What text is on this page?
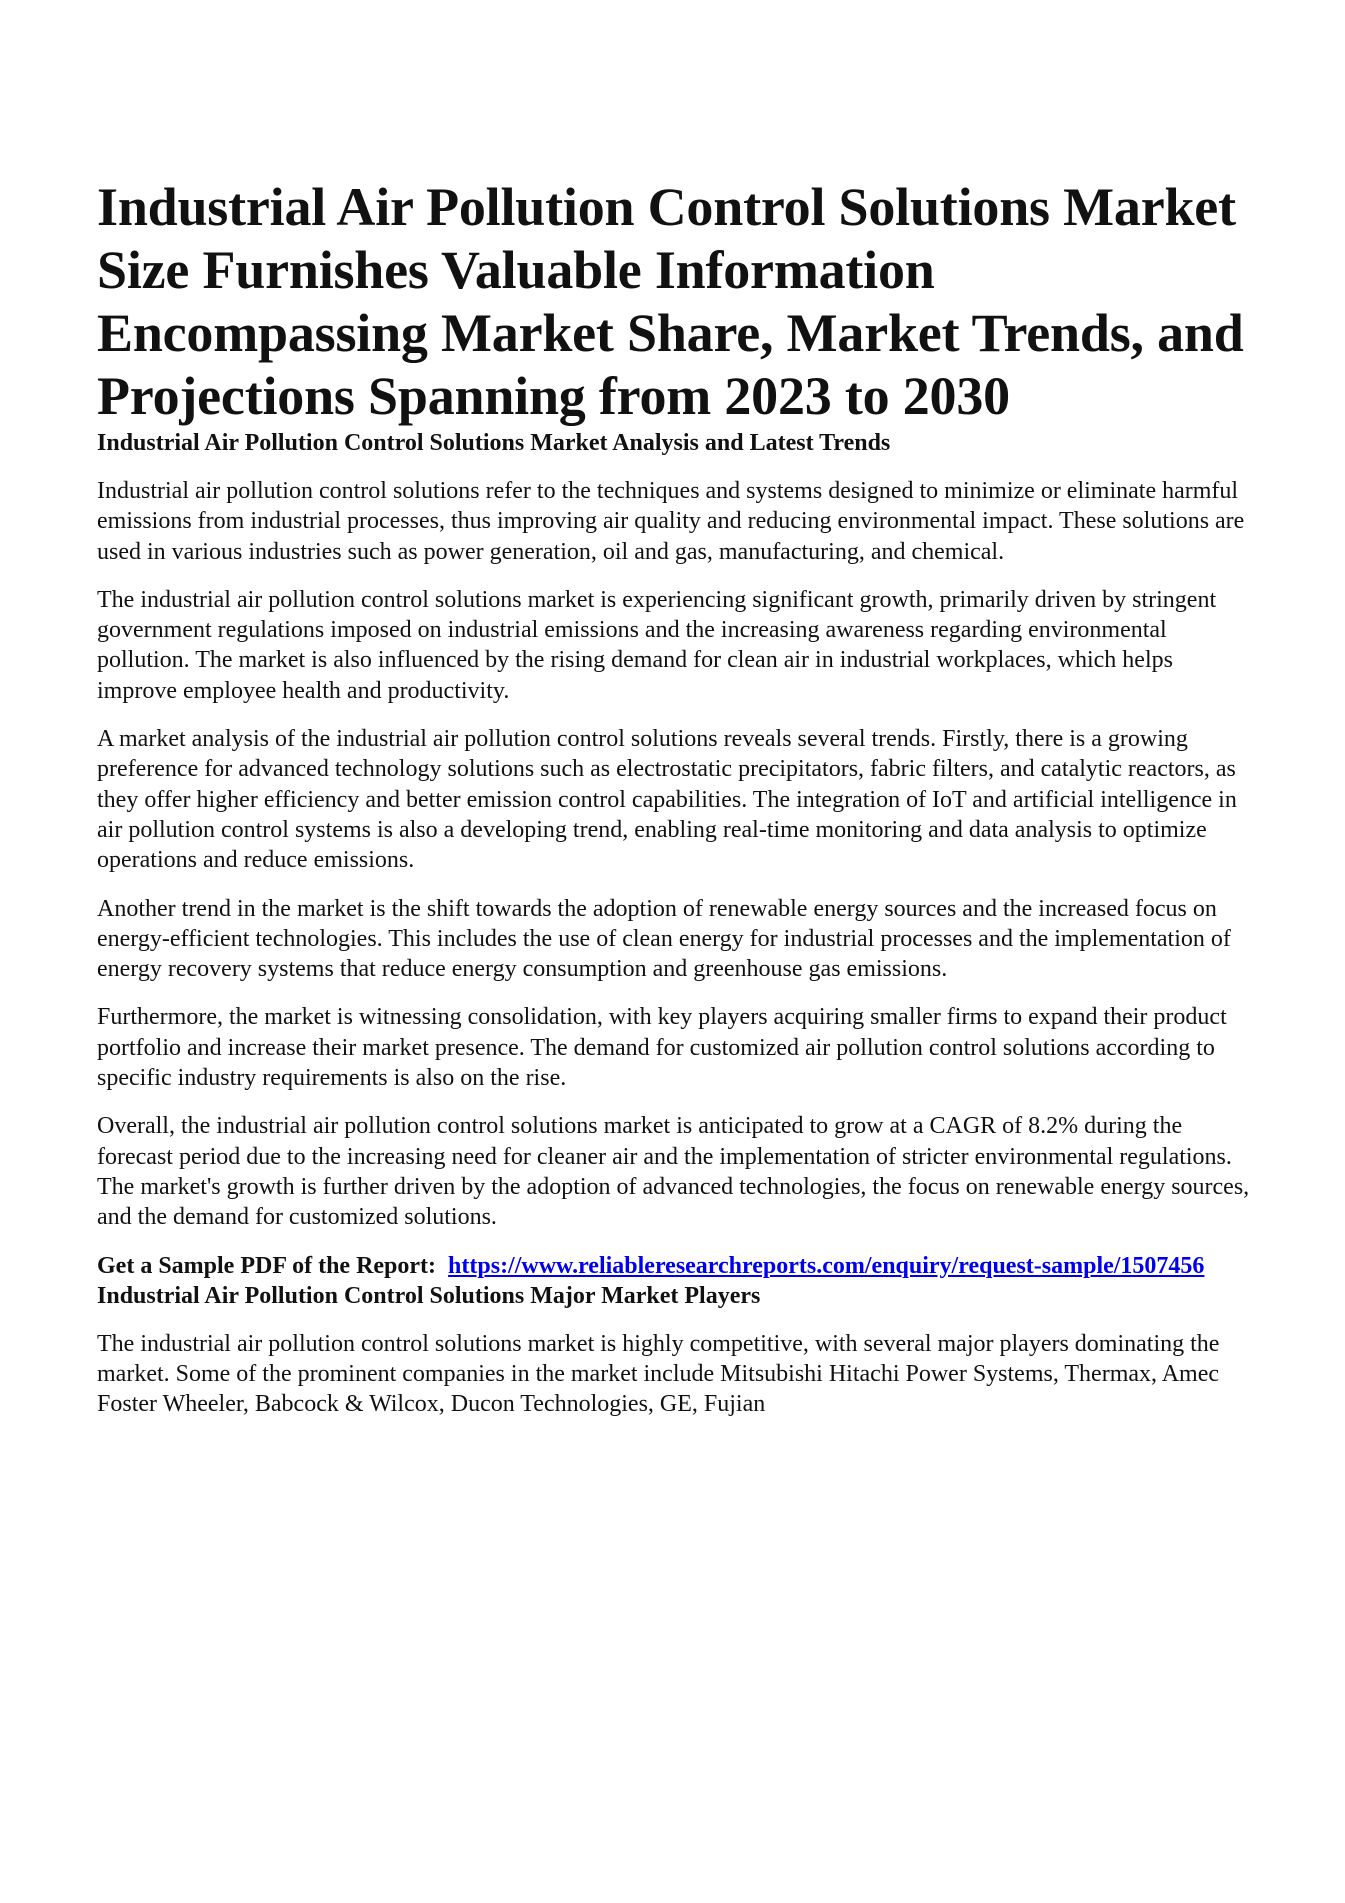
Industrial Air Pollution Control Solutions Market Size Furnishes Valuable Information Encompassing Market Share, Market Trends, and Projections Spanning from 2023 to 2030
Industrial Air Pollution Control Solutions Market Analysis and Latest Trends

Industrial air pollution control solutions refer to the techniques and systems designed to minimize or eliminate harmful emissions from industrial processes, thus improving air quality and reducing environmental impact. These solutions are used in various industries such as power generation, oil and gas, manufacturing, and chemical.

The industrial air pollution control solutions market is experiencing significant growth, primarily driven by stringent government regulations imposed on industrial emissions and the increasing awareness regarding environmental pollution. The market is also influenced by the rising demand for clean air in industrial workplaces, which helps improve employee health and productivity.

A market analysis of the industrial air pollution control solutions reveals several trends. Firstly, there is a growing preference for advanced technology solutions such as electrostatic precipitators, fabric filters, and catalytic reactors, as they offer higher efficiency and better emission control capabilities. The integration of IoT and artificial intelligence in air pollution control systems is also a developing trend, enabling real-time monitoring and data analysis to optimize operations and reduce emissions.

Another trend in the market is the shift towards the adoption of renewable energy sources and the increased focus on energy-efficient technologies. This includes the use of clean energy for industrial processes and the implementation of energy recovery systems that reduce energy consumption and greenhouse gas emissions.

Furthermore, the market is witnessing consolidation, with key players acquiring smaller firms to expand their product portfolio and increase their market presence. The demand for customized air pollution control solutions according to specific industry requirements is also on the rise.

Overall, the industrial air pollution control solutions market is anticipated to grow at a CAGR of 8.2% during the forecast period due to the increasing need for cleaner air and the implementation of stricter environmental regulations. The market's growth is further driven by the adoption of advanced technologies, the focus on renewable energy sources, and the demand for customized solutions.

Get a Sample PDF of the Report: https://www.reliableresearchreports.com/enquiry/request-sample/1507456

Industrial Air Pollution Control Solutions Major Market Players

The industrial air pollution control solutions market is highly competitive, with several major players dominating the market. Some of the prominent companies in the market include Mitsubishi Hitachi Power Systems, Thermax, Amec Foster Wheeler, Babcock & Wilcox, Ducon Technologies, GE, Fujian
